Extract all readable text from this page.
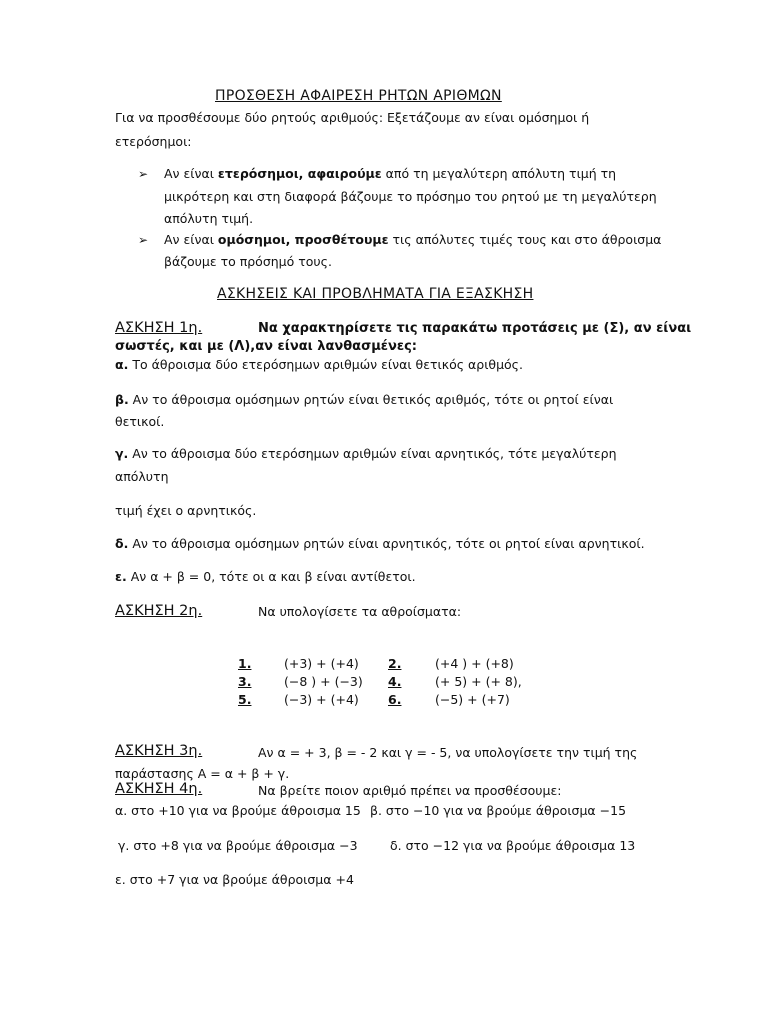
ΠΡΟΣΘΕΣΗ ΑΦΑΙΡΕΣΗ ΡΗΤΩΝ ΑΡΙΘΜΩΝ
Για να προσθέσουμε δύο ρητούς αριθμούς: Εξετάζουμε αν είναι ομόσημοι ή
ετερόσημοι:
➢ Αν είναι ετερόσημοι, αφαιρούμε από τη μεγαλύτερη απόλυτη τιμή τη
μικρότερη και στη διαφορά βάζουμε το πρόσημο του ρητού με τη μεγαλύτερη
απόλυτη τιμή.
➢ Αν είναι ομόσημοι, προσθέτουμε τις απόλυτες τιμές τους και στο άθροισμα
βάζουμε το πρόσημό τους.
ΑΣΚΗΣΕΙΣ ΚΑΙ ΠΡΟΒΛΗΜΑΤΑ ΓΙΑ ΕΞΑΣΚΗΣΗ
ΑΣΚΗΣΗ 1η.	Να χαρακτηρίσετε τις παρακάτω προτάσεις με (Σ), αν είναι
σωστές, και με (Λ),αν είναι λανθασμένες:
α. Το άθροισμα δύο ετερόσημων αριθμών είναι θετικός αριθμός.
β. Αν το άθροισμα ομόσημων ρητών είναι θετικός αριθμός, τότε οι ρητοί είναι
θετικοί.
γ. Αν το άθροισμα δύο ετερόσημων αριθμών είναι αρνητικός, τότε μεγαλύτερη
απόλυτη
τιμή έχει ο αρνητικός.
δ. Αν το άθροισμα ομόσημων ρητών είναι αρνητικός, τότε οι ρητοί είναι αρνητικοί.
ε. Αν α + β = 0, τότε οι α και β είναι αντίθετοι.
ΑΣΚΗΣΗ 2η.	Να υπολογίσετε τα αθροίσματα:
1.	(+3) + (+4) 2.	(+4 ) + (+8)
3.	(−8 ) + (−3) 4.	(+ 5) + (+ 8),
5.	(−3) + (+4) 6.	(−5) + (+7)
ΑΣΚΗΣΗ 3η.	Αν α = + 3, β = - 2 και γ = - 5, να υπολογίσετε την τιμή της
παράστασης Α = α + β + γ.
ΑΣΚΗΣΗ 4η.	Να βρείτε ποιον αριθμό πρέπει να προσθέσουμε:
α. στο +10 για να βρούμε άθροισμα 15 β. στο −10 για να βρούμε άθροισμα −15
γ. στο +8 για να βρούμε άθροισμα −3	δ. στο −12 για να βρούμε άθροισμα 13
ε. στο +7 για να βρούμε άθροισμα +4
